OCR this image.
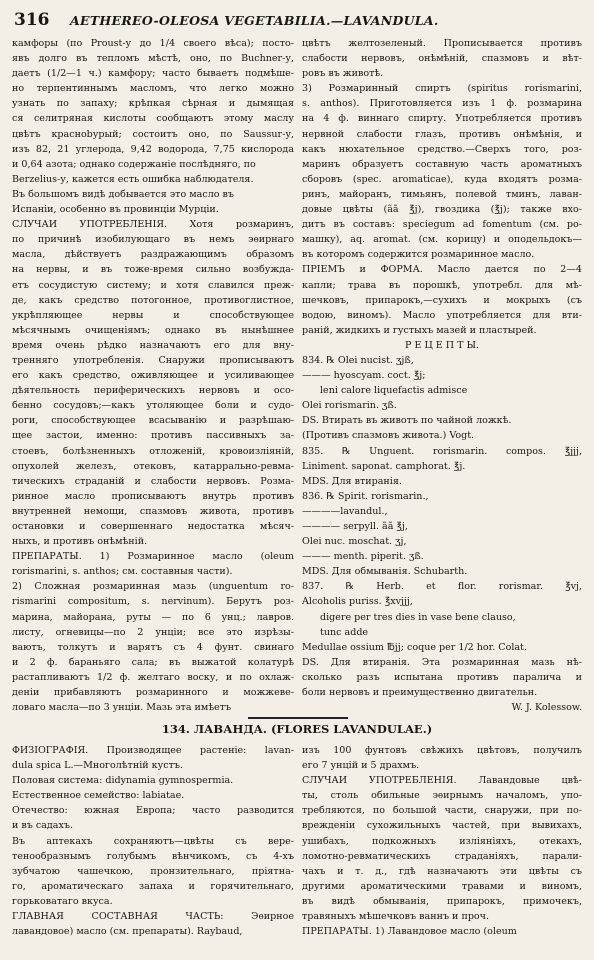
316 AETHEREO-OLEOSA VEGETABILIA.—LAVANDULA.

камфоры (по Proust-у до 1/4 своего вѣса); посто-

явъ долго въ тепломъ мѣстѣ, оно, по Buchner-у,

даетъ (1/2—1 ч.) камфору; часто бываетъ подмѣше-

но терпентиннымъ масломъ, что легко можно

узнать по запаху; крѣпкая сѣрная и дымящая

ся селитряная кислоты сообщаютъ этому маслу

цвѣтъ красноbурый; состоитъ оно, по Saussur-у,

изъ 82, 21 углерода, 9,42 водорода, 7,75 кислорода

и 0,64 азота; однако содержаніе послѣдняго, по

Berzelius-у, кажется есть ошибка наблюдателя.

Въ большомъ видѣ добывается это масло въ

Испаніи, особенно въ провинціи Мурціи.

СЛУЧАИ УПОТРЕБЛЕНІЯ. Хотя розмаринъ,

по причинѣ изобилующаго въ немъ эѳирнаго

масла, дѣйствуетъ раздражающимъ образомъ

на нервы, и въ тоже-время сильно возбужда-

етъ сосудистую систему; и хотя славился преж-

де, какъ средство потогонное, противоглистное,

укрѣпляющее нервы и способствующее

мѣсячнымъ очищеніямъ; однако въ нынѣшнее

время очень рѣдко назначаютъ его для вну-

тренняго употребленія. Снаружи прописываютъ

его какъ средство, оживляющее и усиливающее

дѣятельность периферическихъ нервовъ и осо-

бенно сосудовъ;—какъ утоляющее боли и судо-

роги, способствующее всасыванію и разрѣшаю-

щее застои, именно: противъ пассивныхъ за-

стоевъ, болѣзненныхъ отложеній, кровоизліяній,

опухолей железъ, отековъ, катаррально-ревма-

тическихъ страданій и слабости нервовъ. Розма-

ринное масло прописываютъ внутрь противъ

внутренней немощи, спазмовъ живота, противъ

остановки и совершеннаго недостатка мѣсяч-

ныхъ, и противъ онѣмѣній.

ПРЕПАРАТЫ. 1) Розмаринное масло (oleum

rorismarini, s. anthos; см. составныя части).

2) Сложная розмаринная мазь (unguentum ro-

rismarini compositum, s. nervinum). Берутъ роз-

марина, майорана, руты — по 6 унц.; лавров.

листу, огневицы—по 2 унціи; все это изрѣзы-

ваютъ, толкутъ и варятъ съ 4 фунт. свинаго

и 2 ф. бараньяго сала; въ выжатой колатурѣ

растапливаютъ 1/2 ф. желтаго воску, и по охлаж-

деніи прибавляютъ розмаринного и можжеве-

ловаго масла—по 3 унціи. Мазь эта имѣетъ

цвѣтъ желтозеленый. Прописывается противъ

слабости нервовъ, онѣмѣній, спазмовъ и вѣт-

ровъ въ животѣ.

3) Розмаринный спиртъ (spiritus rorismarini,

s. anthos). Приготовляется изъ 1 ф. розмарина

на 4 ф. виннаго спирту. Употребляется противъ

нервной слабости глазъ, противъ онѣмѣнія, и

какъ нюхательное средство.—Сверхъ того, роз-

маринъ образуетъ составную часть ароматныхъ

сборовъ (spec. aromaticae), куда входятъ розма-

ринъ, майоранъ, тимьянъ, полевой тминъ, лаван-

довые цвѣты (ãã ℥j), гвоздика (℥j); также вхо-

дитъ въ составъ: speciegum ad fomentum (см. ро-

машку), aq. aromat. (см. корицу) и оподельдокъ—

въ которомъ содержится розмаринное масло.

ПРІЕМЪ и ФОРМА. Масло дается по 2—4

капли; трава въ порошкѣ, употребл. для мѣ-

шечковъ, припарокъ,—сухихъ и мокрыхъ (съ

водою, виномъ). Масло употребляется для вти-

раній, жидкихъ и густыхъ мазей и пластырей.

Р Е Ц Е П Т Ы.

834. ℞ Olei nucist. ʒjß,

——— hyoscyam. coct. ℥j;

leni calore liquefactis admisce

Olei rorismarin. ʒß.

DS. Втирать въ животъ по чайной ложкѣ.

(Противъ спазмовъ живота.) Vogt.

835. ℞ Unguent. rorismarin. compos. ℥jjj,

Liniment. saponat. camphorat. ℥j.

MDS. Для втиранія.

836. ℞ Spirit. rorismarin.,

————lavandul.,

———— serpyll. ãã ℥j,

Olei nuc. moschat. ʒj,

——— menth. piperit. ʒß.

MDS. Для обмыванія. Schubarth.

837. ℞ Herb. et flor. rorismar. ℥vj,

Alcoholis puriss. ℥xvjjj,

digere per tres dies in vase bene clauso,

tunc adde

Medullae ossium ℔jj; coque per 1/2 hor. Colat.

DS. Для втиранія. Эта розмаринная мазь нѣ-

сколько разъ испытана противъ паралича и

боли нервовъ и преимущественно двигательн.

W. J. Kolessow.

134. ЛАВАНДА. (FLORES LAVANDULAE.)

ФИЗІОГРАФІЯ. Производящее растеніе: lavan-

dula spica L.—Многолѣтній кустъ.

Половая система: didynamia gymnospermia.

Естественное семейство: labiatae.

Отечество: южная Европа; часто разводится

и въ садахъ.

Въ аптекахъ сохраняютъ—цвѣты съ вере-

тенообразнымъ голубымъ вѣнчикомъ, съ 4-хъ

зубчатою чашечкою, пронзительнаго, пріятна-

го, ароматическаго запаха и горячительнаго,

горьковатаго вкуса.

ГЛАВНАЯ СОСТАВНАЯ ЧАСТЬ: Эѳирное

лавандовое) масло (см. препараты). Raybaud,

изъ 100 фунтовъ свѣжихъ цвѣтовъ, получилъ

его 7 унцій и 5 драхмъ.

СЛУЧАИ УПОТРЕБЛЕНІЯ. Лавандовые цвѣ-

ты, столь обильные эѳирнымъ началомъ, упо-

требляются, по большой части, снаружи, при по-

врежденіи сухожильныхъ частей, при вывихахъ,

ушибахъ, подкожныхъ изліяніяхъ, отекахъ,

ломотно-ревматическихъ страданіяхъ, парали-

чахъ и т. д., гдѣ назначаютъ эти цвѣты съ

другими ароматическими травами и виномъ,

въ видѣ обмыванія, припарокъ, примочекъ,

травяныхъ мѣшечковъ ваннъ и проч.

ПРЕПАРАТЫ. 1) Лавандовое масло (oleum
